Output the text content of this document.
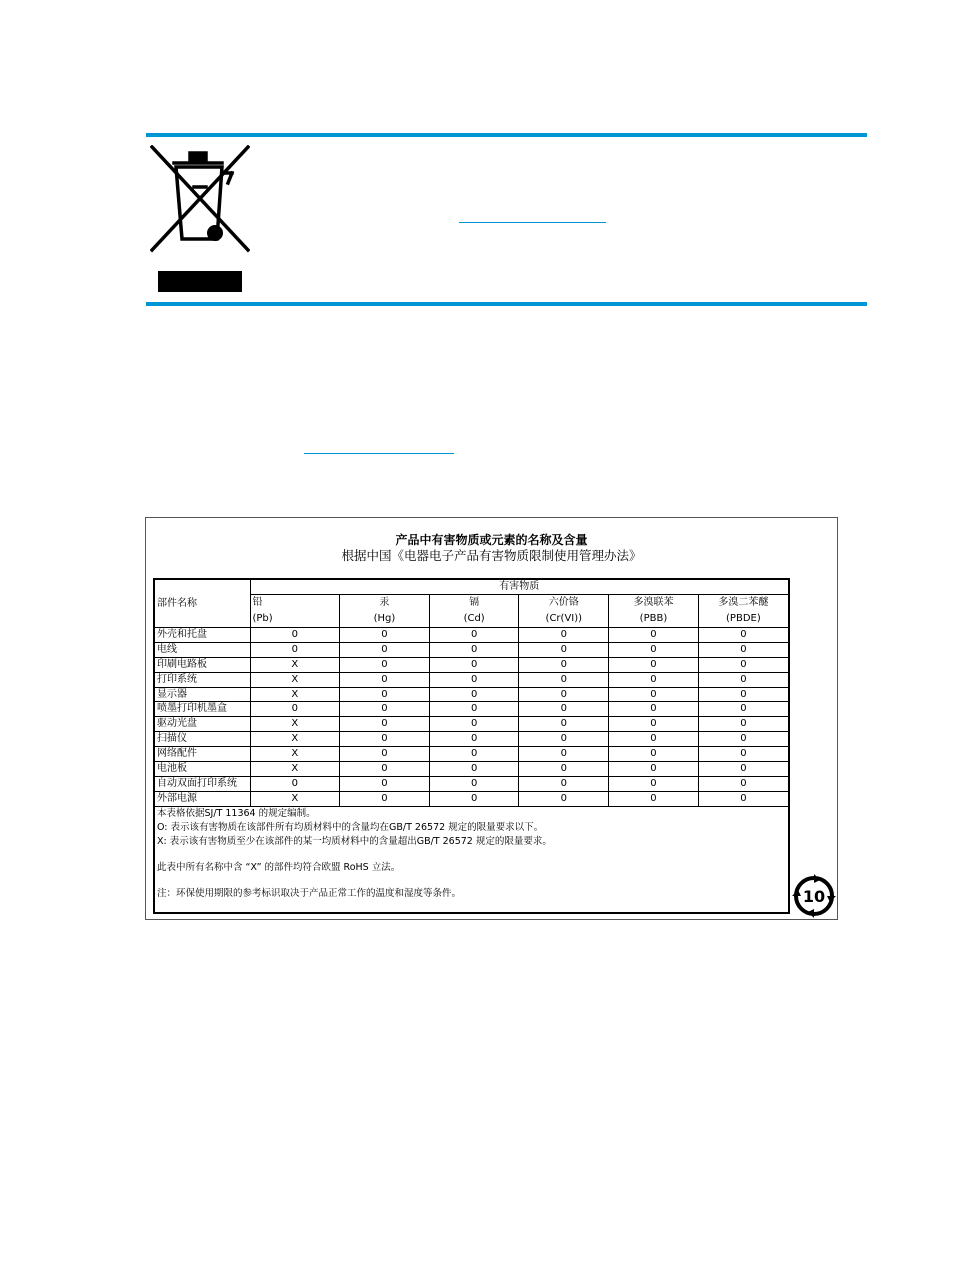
产品中有害物质或元素的名称及含量
根据中国《电器电子产品有害物质限制使用管理办法》
部件名称	有害物质					
	铅	汞	镉	六价铬	多溴联苯	多溴二苯醚
	(Pb)	(Hg)	(Cd)	(Cr(VI))	(PBB)	(PBDE)
外壳和托盘	0	0	0	0	0	0
电线	0	0	0	0	0	0
印刷电路板	X	0	0	0	0	0
打印系统	X	0	0	0	0	0
显示器	X	0	0	0	0	0
喷墨打印机墨盒	0	0	0	0	0	0
驱动光盘	X	0	0	0	0	0
扫描仪	X	0	0	0	0	0
网络配件	X	0	0	0	0	0
电池板	X	0	0	0	0	0
自动双面打印系统	0	0	0	0	0	0
外部电源	X	0	0	0	0	0
本表格依据SJ/T 11364 的规定编制。
O: 表示该有害物质在该部件所有均质材料中的含量均在GB/T 26572 规定的限量要求以下。
X: 表示该有害物质至少在该部件的某一均质材料中的含量超出GB/T 26572 规定的限量要求。
此表中所有名称中含 “X” 的部件均符合欧盟 RoHS 立法。
注：环保使用期限的参考标识取决于产品正常工作的温度和湿度等条件。	10
